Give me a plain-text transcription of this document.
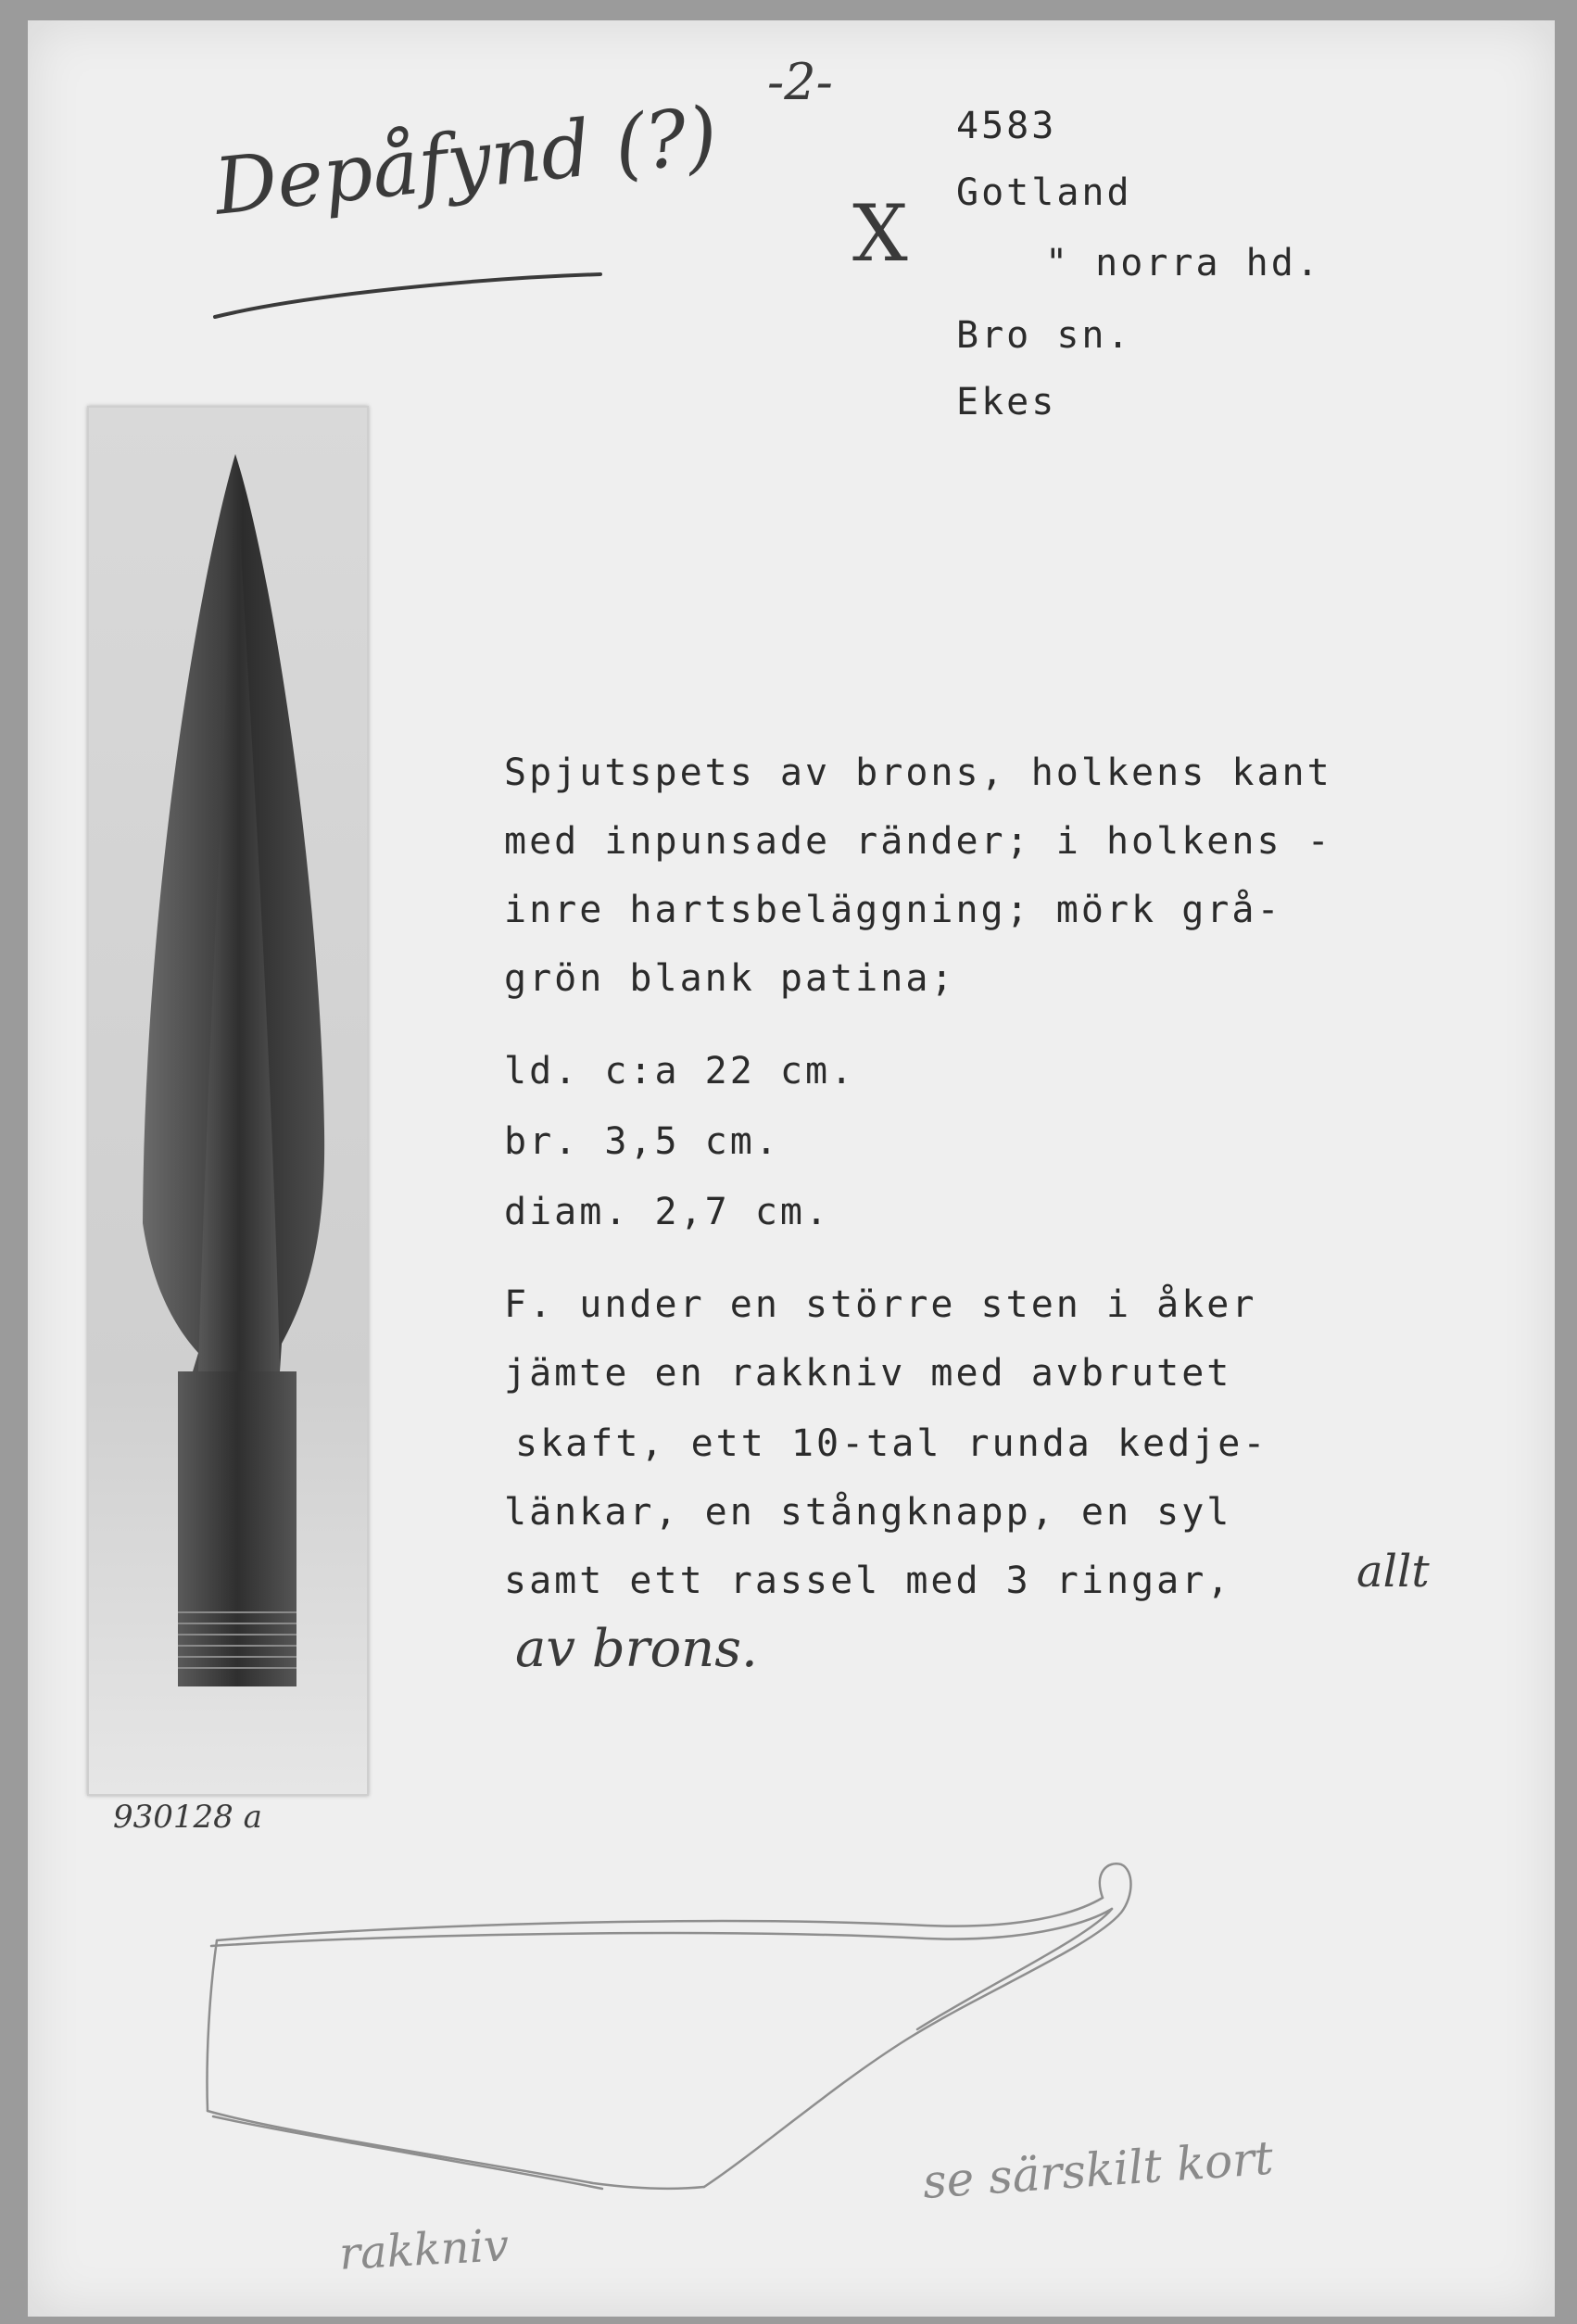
-2-
Depåfynd (?)
X
4583
Gotland
" norra hd.
Bro sn.
Ekes
930128 a
Spjutspets av brons, holkens kant
med inpunsade ränder; i holkens -
inre hartsbeläggning; mörk grå-
grön blank patina;
ld. c:a 22 cm.
br. 3,5 cm.
diam. 2,7 cm.
F. under en större sten i åker
jämte en rakkniv med avbrutet
skaft, ett 10-tal runda kedje-
länkar, en stångknapp, en syl
samt ett rassel med 3 ringar,	allt
av brons.
rakkniv
se särskilt kort
